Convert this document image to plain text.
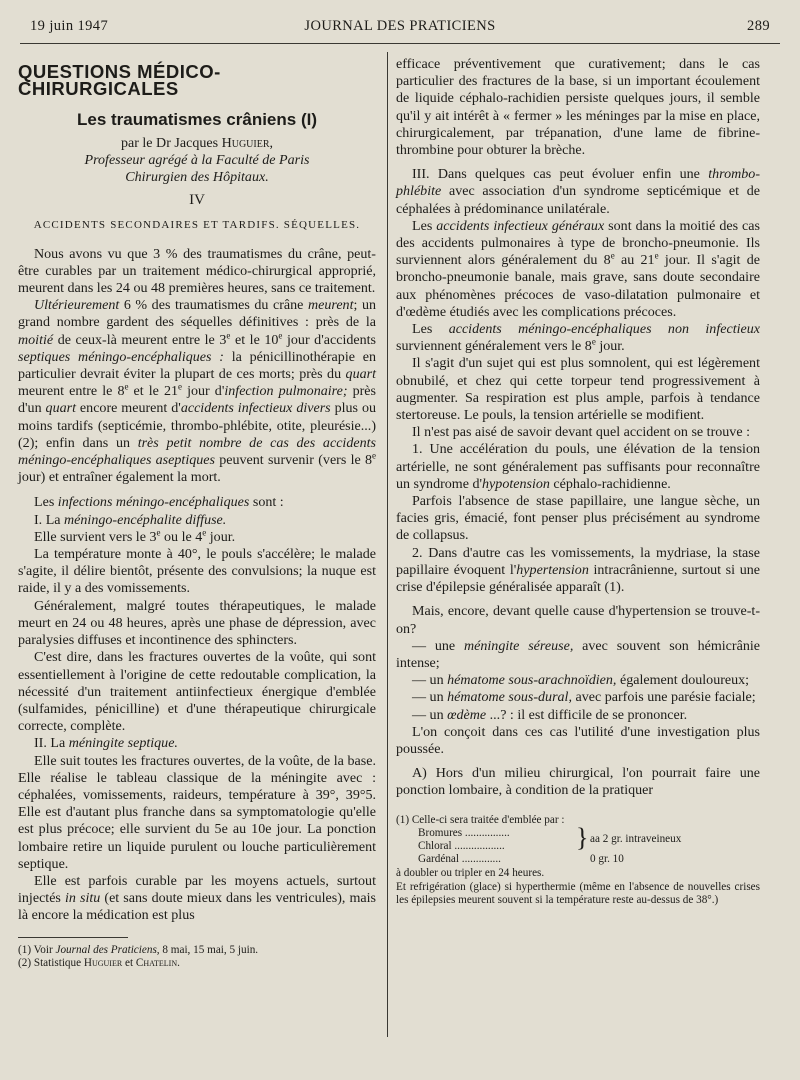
19 juin 1947	JOURNAL DES PRATICIENS	289
QUESTIONS MÉDICO-CHIRURGICALES
Les traumatismes crâniens (I)

par le Dr Jacques Huguier,

Professeur agrégé à la Faculté de Paris

Chirurgien des Hôpitaux.

IV
ACCIDENTS SECONDAIRES ET TARDIFS. SÉQUELLES.

Nous avons vu que 3 % des traumatismes du crâne, peut-être curables par un traitement médico-chirurgical approprié, meurent dans les 24 ou 48 premières heures, sans ce traitement.

Ultérieurement 6 % des traumatismes du crâne meurent; un grand nombre gardent des séquelles définitives : près de la moitié de ceux-là meurent entre le 3e et le 10e jour d'accidents septiques méningo-encéphaliques : la pénicillinothérapie en particulier devrait éviter la plupart de ces morts; près du quart meurent entre le 8e et le 21e jour d'infection pulmonaire; près d'un quart encore meurent d'accidents infectieux divers plus ou moins tardifs (septicémie, thrombo-phlébite, otite, pleurésie...) (2); enfin dans un très petit nombre de cas des accidents méningo-encéphaliques aseptiques peuvent survenir (vers le 8e jour) et entraîner également la mort.

Les infections méningo-encéphaliques sont :

I. La méningo-encéphalite diffuse.

Elle survient vers le 3e ou le 4e jour.

La température monte à 40°, le pouls s'accélère; le malade s'agite, il délire bientôt, présente des convulsions; la nuque est raide, il y a des vomissements.

Généralement, malgré toutes thérapeutiques, le malade meurt en 24 ou 48 heures, après une phase de dépression, avec paralysies diffuses et incontinence des sphincters.

C'est dire, dans les fractures ouvertes de la voûte, qui sont essentiellement à l'origine de cette redoutable complication, la nécessité d'un traitement antiinfectieux énergique d'emblée (sulfamides, pénicilline) et d'une thérapeutique chirurgicale correcte, complète.

II. La méningite septique.

Elle suit toutes les fractures ouvertes, de la voûte, de la base. Elle réalise le tableau classique de la méningite avec : céphalées, vomissements, raideurs, température à 39°, 39°5. Elle est d'autant plus franche dans sa symptomatologie qu'elle est plus précoce; elle survient du 5e au 10e jour. La ponction lombaire retire un liquide purulent ou louche particulièrement septique.

Elle est parfois curable par les moyens actuels, surtout injectés in situ (et sans doute mieux dans les ventricules), mais là encore la médication est plus

(1) Voir Journal des Praticiens, 8 mai, 15 mai, 5 juin.

(2) Statistique Huguier et Chatelin.

efficace préventivement que curativement; dans le cas particulier des fractures de la base, si un important écoulement de liquide céphalo-rachidien persiste quelques jours, il semble qu'il y ait intérêt à « fermer » les méninges par la mise en place, chirurgicalement, par trépanation, d'une lame de fibrine-thrombine pour obturer la brèche.

III. Dans quelques cas peut évoluer enfin une thrombo-phlébite avec association d'un syndrome septicémique et de céphalées à prédominance unilatérale.

Les accidents infectieux généraux sont dans la moitié des cas des accidents pulmonaires à type de broncho-pneumonie. Ils surviennent alors généralement du 8e au 21e jour. Il s'agit de broncho-pneumonie banale, mais grave, sans doute secondaire aux phénomènes précoces de vaso-dilatation pulmonaire et d'œdème étudiés avec les complications précoces.

Les accidents méningo-encéphaliques non infectieux surviennent généralement vers le 8e jour.

Il s'agit d'un sujet qui est plus somnolent, qui est légèrement obnubilé, et chez qui cette torpeur tend progressivement à augmenter. Sa respiration est plus ample, parfois à tendance stertoreuse. Le pouls, la tension artérielle se modifient.

Il n'est pas aisé de savoir devant quel accident on se trouve :

1. Une accélération du pouls, une élévation de la tension artérielle, ne sont généralement pas suffisants pour reconnaître un syndrome d'hypotension céphalo-rachidienne.

Parfois l'absence de stase papillaire, une langue sèche, un facies gris, émacié, font penser plus précisément au syndrome de collapsus.

2. Dans d'autre cas les vomissements, la mydriase, la stase papillaire évoquent l'hypertension intracrânienne, surtout si une crise d'épilepsie généralisée apparaît (1).

Mais, encore, devant quelle cause d'hypertension se trouve-t-on?

— une méningite séreuse, avec souvent son hémicrânie intense;

— un hématome sous-arachnoïdien, également douloureux;

— un hématome sous-dural, avec parfois une parésie faciale;

— un œdème ...? : il est difficile de se prononcer.

L'on conçoit dans ces cas l'utilité d'une investigation plus poussée.

A) Hors d'un milieu chirurgical, l'on pourrait faire une ponction lombaire, à condition de la pratiquer

(1) Celle-ci sera traitée d'emblée par :

Bromures ................
Chloral ..................	} aa 2 gr. intraveineux
Gardénal ..............	0 gr. 10

à doubler ou tripler en 24 heures.

Et refrigération (glace) si hyperthermie (même en l'absence de nouvelles crises les épilepsies meurent souvent si la température reste au-dessus de 38°.)
